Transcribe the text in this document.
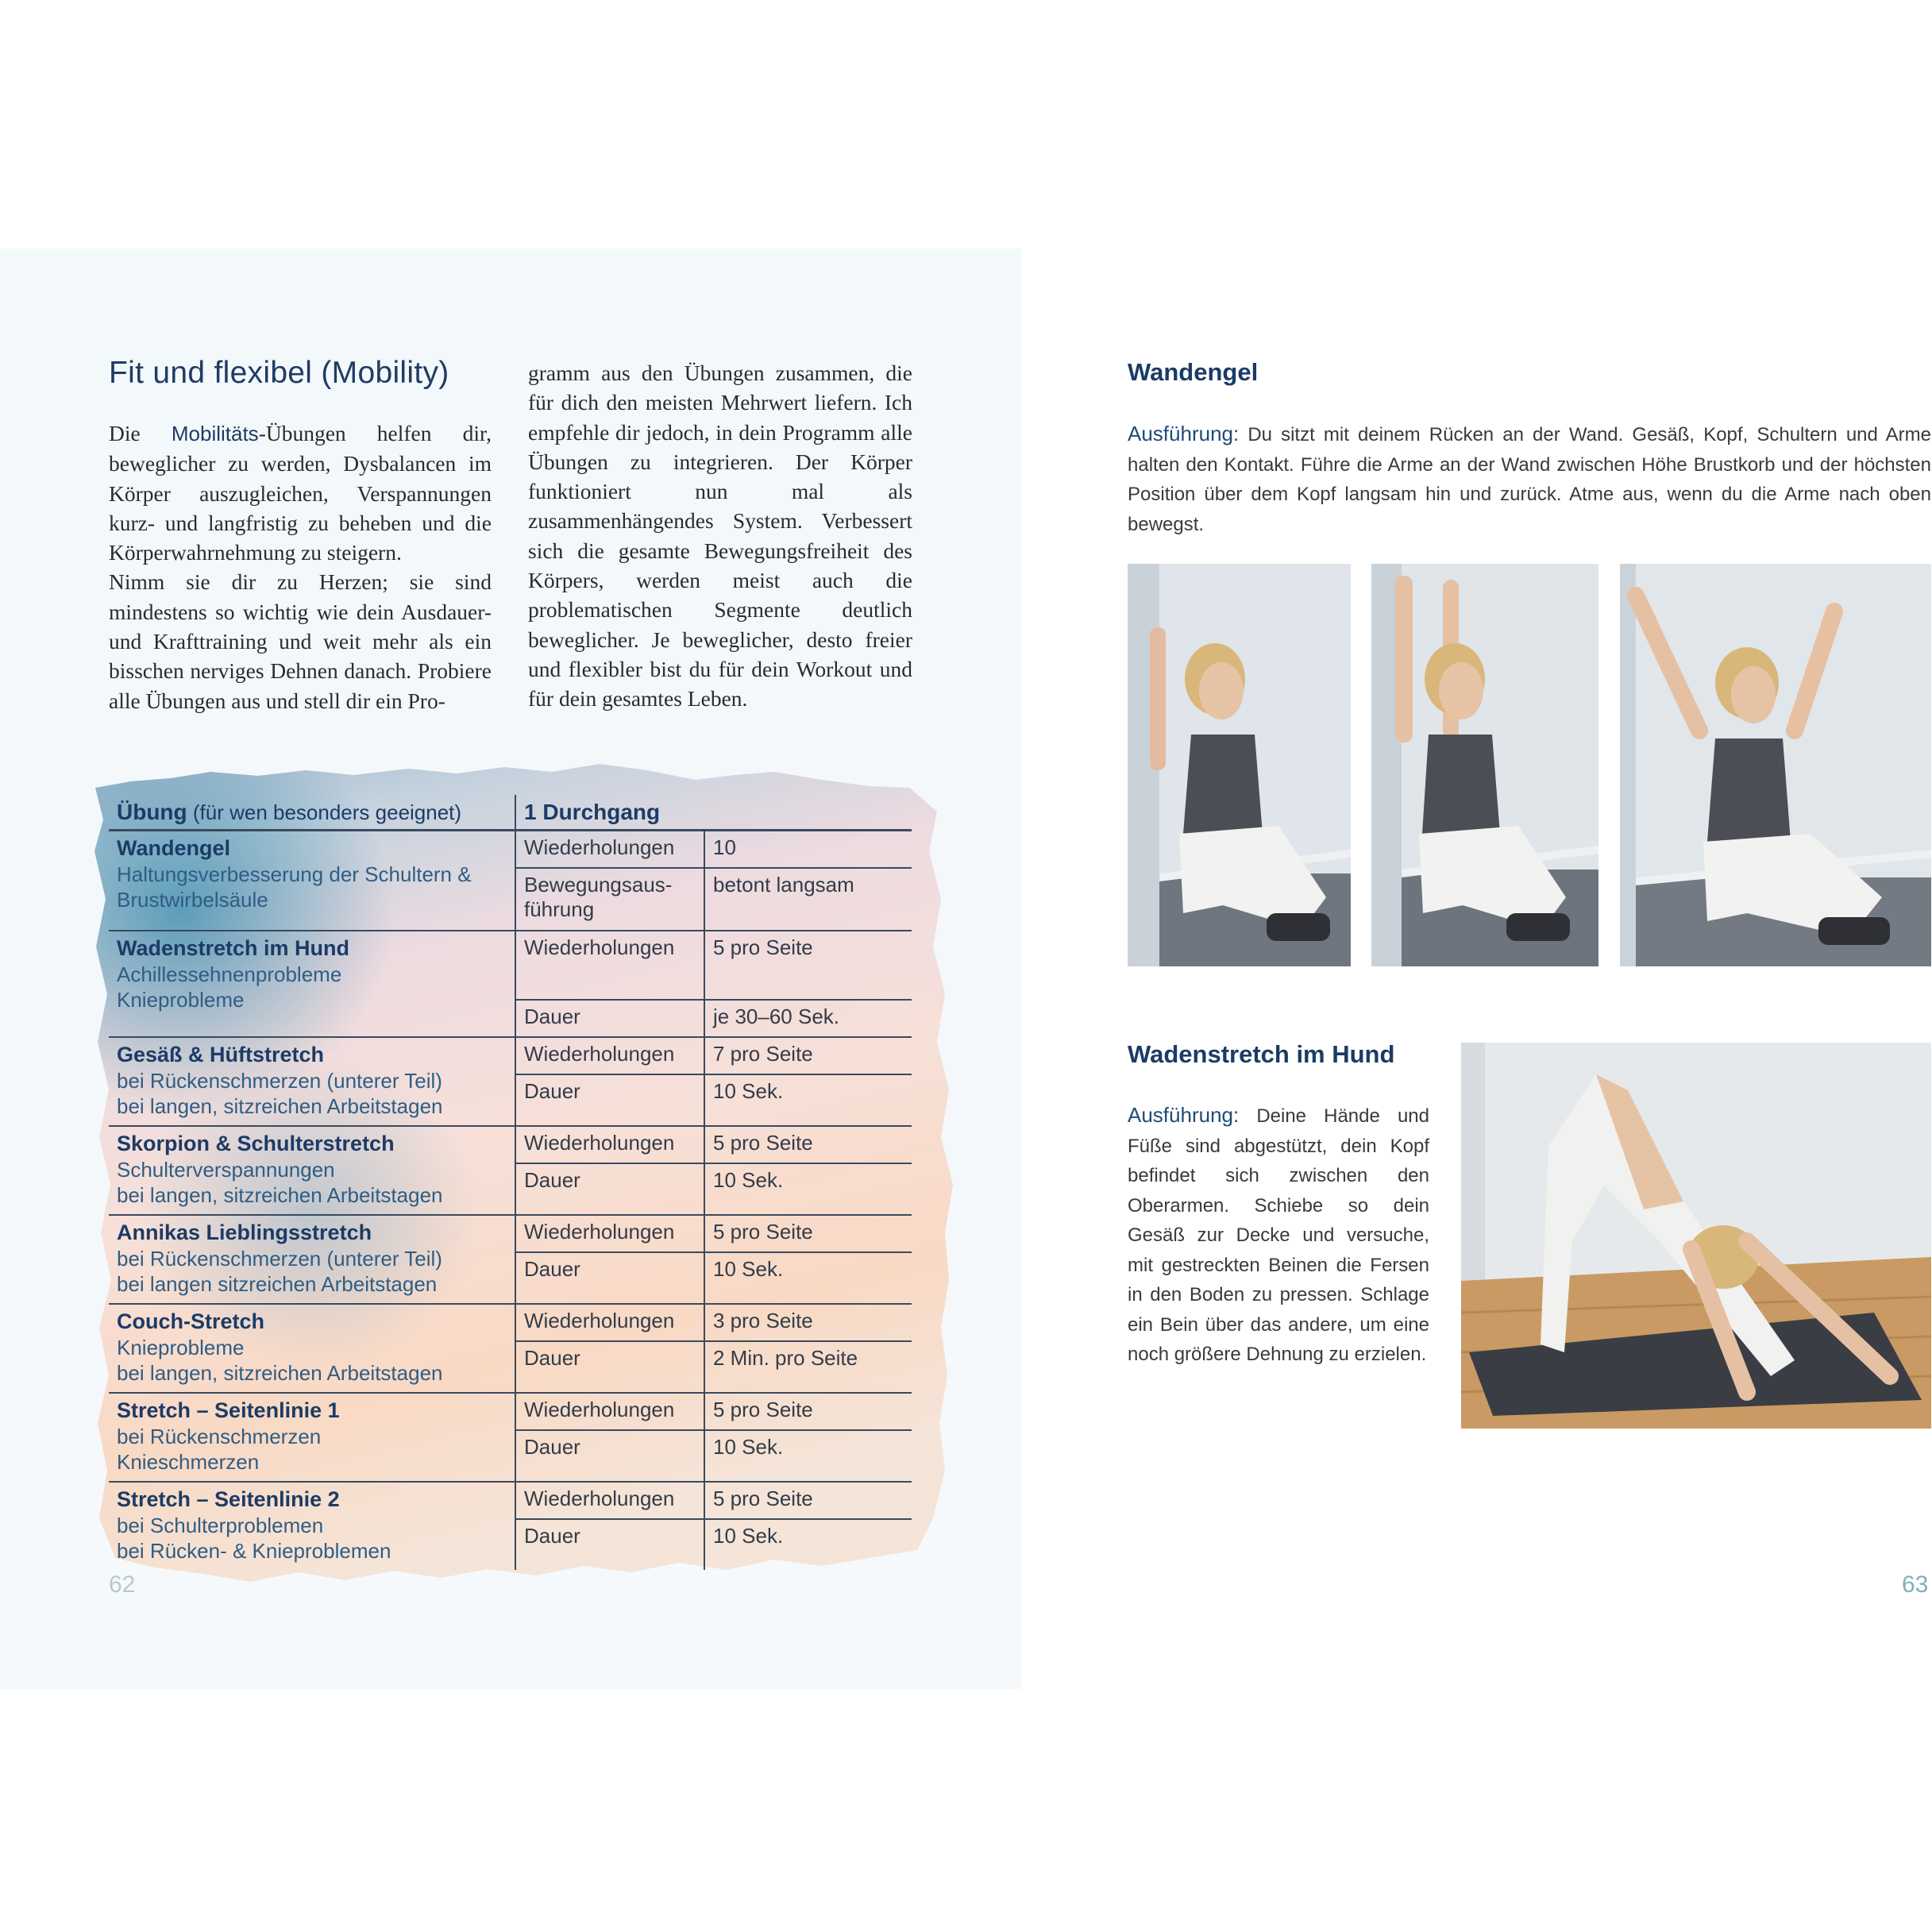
Fit und flexibel (Mobility)

Die Mobilitäts-Übungen helfen dir, beweglicher zu werden, Dysbalancen im Körper auszugleichen, Verspannungen kurz- und langfristig zu beheben und die Körperwahrnehmung zu steigern.

Nimm sie dir zu Herzen; sie sind mindestens so wichtig wie dein Ausdauer- und Krafttraining und weit mehr als ein bisschen nerviges Dehnen danach. Probiere alle Übungen aus und stell dir ein Pro-

gramm aus den Übungen zusammen, die für dich den meisten Mehrwert liefern. Ich empfehle dir jedoch, in dein Programm alle Übungen zu integrieren. Der Körper funktioniert nun mal als zusammenhängendes System. Verbessert sich die gesamte Bewegungsfreiheit des Körpers, werden meist auch die problematischen Segmente deutlich beweglicher. Je beweglicher, desto freier und flexibler bist du für dein Workout und für dein gesamtes Leben.

Übung (für wen besonders geeignet)	1 Durchgang	

Wandengel
Haltungsverbesserung der Schultern &
Brustwirbelsäule	Wiederholungen	10
	Bewegungsaus-führung	betont langsam

Wadenstretch im Hund
Achillessehnenprobleme
Knieprobleme	Wiederholungen	5 pro Seite
	Dauer	je 30–60 Sek.

Gesäß & Hüftstretch
bei Rückenschmerzen (unterer Teil)
bei langen, sitzreichen Arbeitstagen	Wiederholungen	7 pro Seite
	Dauer	10 Sek.

Skorpion & Schulterstretch
Schulterverspannungen
bei langen, sitzreichen Arbeitstagen	Wiederholungen	5 pro Seite
	Dauer	10 Sek.

Annikas Lieblingsstretch
bei Rückenschmerzen (unterer Teil)
bei langen sitzreichen Arbeitstagen	Wiederholungen	5 pro Seite
	Dauer	10 Sek.

Couch-Stretch
Knieprobleme
bei langen, sitzreichen Arbeitstagen	Wiederholungen	3 pro Seite
	Dauer	2 Min. pro Seite

Stretch – Seitenlinie 1
bei Rückenschmerzen
Knieschmerzen	Wiederholungen	5 pro Seite
	Dauer	10 Sek.

Stretch – Seitenlinie 2
bei Schulterproblemen
bei Rücken- & Knieproblemen	Wiederholungen	5 pro Seite
	Dauer	10 Sek.
62
Wandengel
Ausführung: Du sitzt mit deinem Rücken an der Wand. Gesäß, Kopf, Schultern und Arme halten den Kontakt. Führe die Arme an der Wand zwischen Höhe Brustkorb und der höchsten Position über dem Kopf langsam hin und zurück. Atme aus, wenn du die Arme nach oben bewegst.
Wadenstretch im Hund
Ausführung: Deine Hände und Füße sind abgestützt, dein Kopf befindet sich zwischen den Oberarmen. Schiebe so dein Gesäß zur Decke und versuche, mit gestreckten Beinen die Fersen in den Boden zu pressen. Schlage ein Bein über das andere, um eine noch größere Dehnung zu erzielen.
63
